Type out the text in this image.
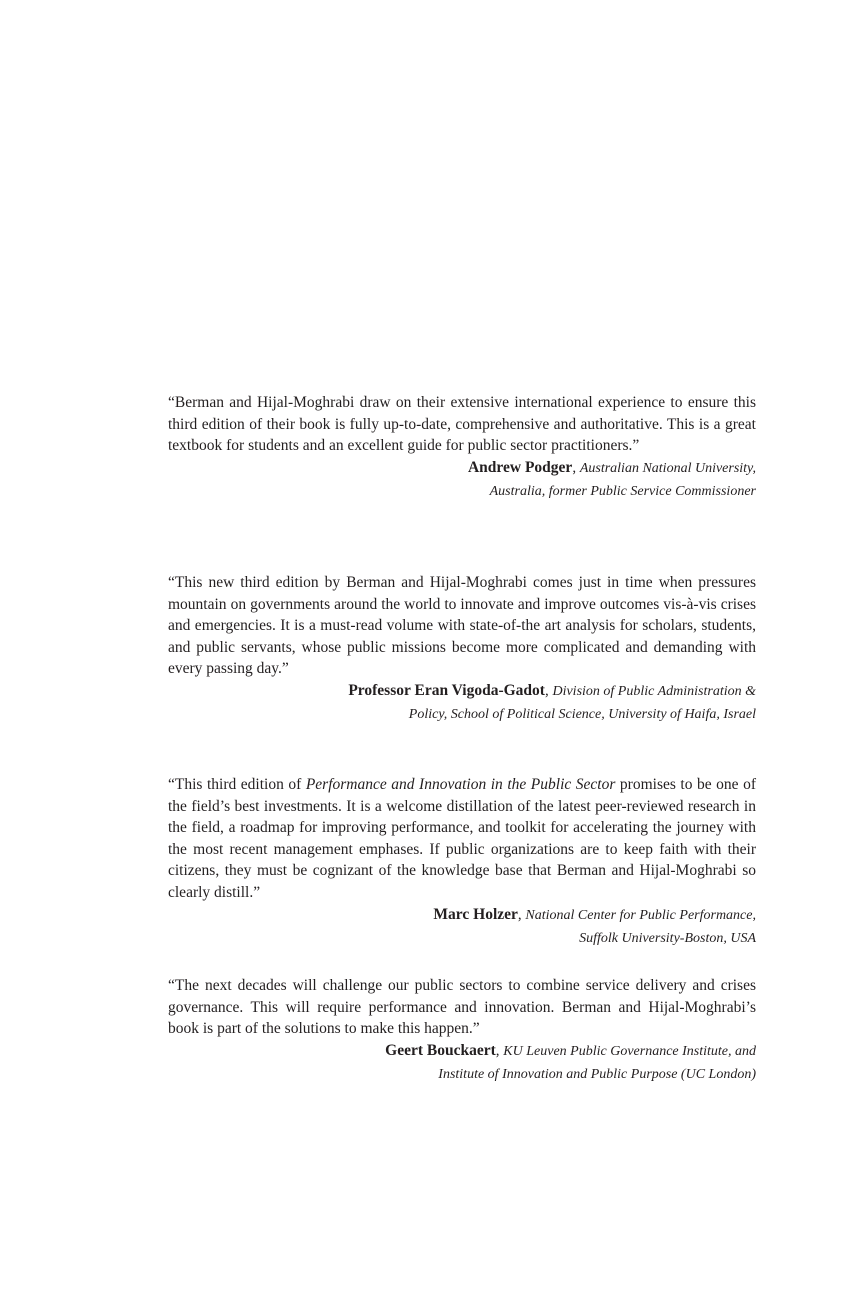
“Berman and Hijal-Moghrabi draw on their extensive international experience to ensure this third edition of their book is fully up-to-date, comprehensive and authoritative. This is a great textbook for students and an excellent guide for public sector practitioners.”

Andrew Podger, Australian National University,
Australia, former Public Service Commissioner

“This new third edition by Berman and Hijal-Moghrabi comes just in time when pressures mountain on governments around the world to innovate and improve outcomes vis-à-vis crises and emergencies. It is a must-read volume with state-of-the art analysis for scholars, students, and public servants, whose public missions become more complicated and demanding with every passing day.”

Professor Eran Vigoda-Gadot, Division of Public Administration &
Policy, School of Political Science, University of Haifa, Israel

“This third edition of Performance and Innovation in the Public Sector promises to be one of the field’s best investments. It is a welcome distillation of the latest peer-reviewed research in the field, a roadmap for improving performance, and toolkit for accelerating the journey with the most recent management emphases. If public organizations are to keep faith with their citizens, they must be cognizant of the knowledge base that Berman and Hijal-Moghrabi so clearly distill.”

Marc Holzer, National Center for Public Performance,
Suffolk University-Boston, USA

“The next decades will challenge our public sectors to combine service delivery and crises governance. This will require performance and innovation. Berman and Hijal-Moghrabi’s book is part of the solutions to make this happen.”

Geert Bouckaert, KU Leuven Public Governance Institute, and
Institute of Innovation and Public Purpose (UC London)
